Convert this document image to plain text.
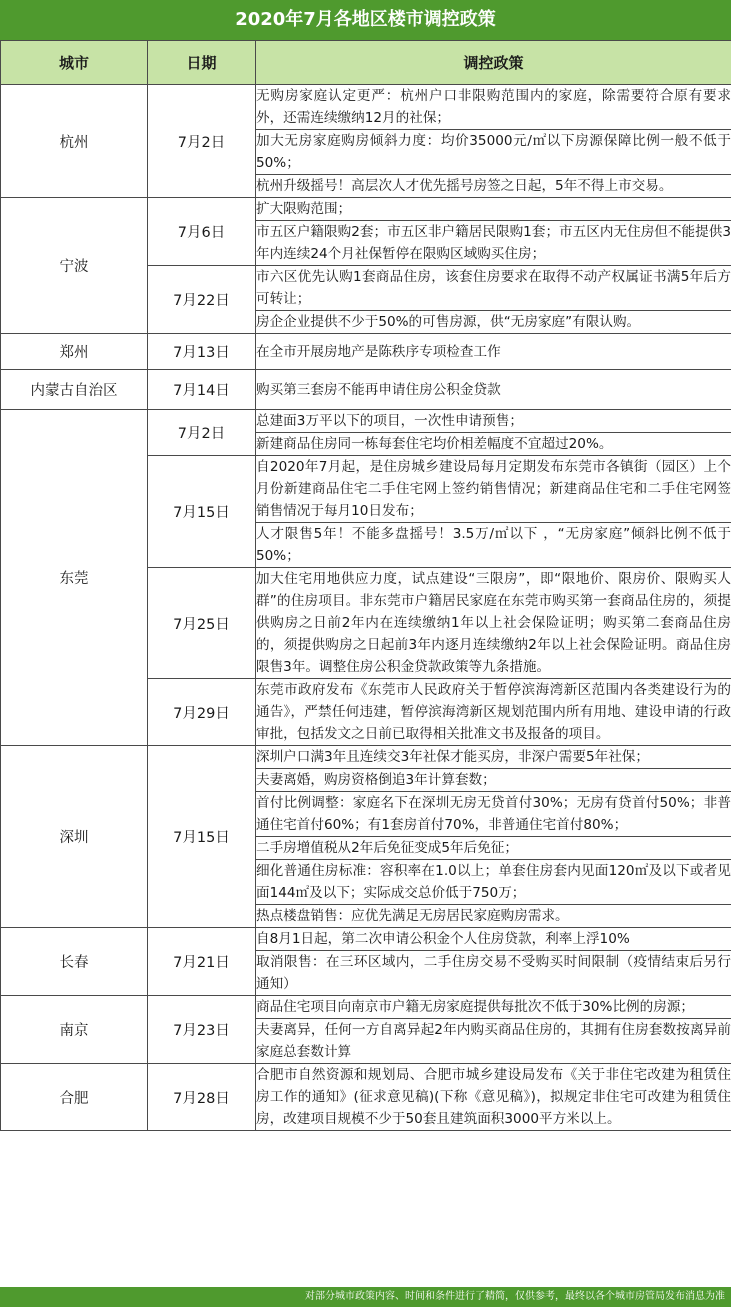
2020年7月各地区楼市调控政策
城市	日期	调控政策
杭州	7月2日	无购房家庭认定更严：杭州户口非限购范围内的家庭，除需要符合原有要求外，还需连续缴纳12月的社保；
		加大无房家庭购房倾斜力度：均价35000元/㎡以下房源保障比例一般不低于50%；
		杭州升级摇号！高层次人才优先摇号房签之日起，5年不得上市交易。
宁波	7月6日	扩大限购范围；
		市五区户籍限购2套；市五区非户籍居民限购1套；市五区内无住房但不能提供3年内连续24个月社保暂停在限购区域购买住房；
	7月22日	市六区优先认购1套商品住房，该套住房要求在取得不动产权属证书满5年后方可转让；
		房企企业提供不少于50%的可售房源，供“无房家庭”有限认购。
郑州	7月13日	在全市开展房地产是陈秩序专项检查工作
内蒙古自治区	7月14日	购买第三套房不能再申请住房公积金贷款
东莞	7月2日	总建面3万平以下的项目，一次性申请预售；
		新建商品住房同一栋每套住宅均价相差幅度不宜超过20%。
	7月15日	自2020年7月起，是住房城乡建设局每月定期发布东莞市各镇街（园区）上个月份新建商品住宅二手住宅网上签约销售情况；新建商品住宅和二手住宅网签销售情况于每月10日发布；
		人才限售5年！不能多盘摇号！3.5万/㎡以下 ，“无房家庭”倾斜比例不低于50%；
	7月25日	加大住宅用地供应力度，试点建设“三限房”，即“限地价、限房价、限购买人群”的住房项目。非东莞市户籍居民家庭在东莞市购买第一套商品住房的，须提供购房之日前2年内在连续缴纳1年以上社会保险证明；购买第二套商品住房的，须提供购房之日起前3年内逐月连续缴纳2年以上社会保险证明。商品住房限售3年。调整住房公积金贷款政策等九条措施。
	7月29日	东莞市政府发布《东莞市人民政府关于暂停滨海湾新区范围内各类建设行为的通告》，严禁任何违建，暂停滨海湾新区规划范围内所有用地、建设申请的行政审批，包括发文之日前已取得相关批准文书及报备的项目。
深圳	7月15日	深圳户口满3年且连续交3年社保才能买房，非深户需要5年社保；
		夫妻离婚，购房资格倒追3年计算套数；
		首付比例调整：家庭名下在深圳无房无贷首付30%；无房有贷首付50%；非普通住宅首付60%；有1套房首付70%，非普通住宅首付80%；
		二手房增值税从2年后免征变成5年后免征；
		细化普通住房标准：容积率在1.0以上；单套住房套内见面120㎡及以下或者见面144㎡及以下；实际成交总价低于750万；
		热点楼盘销售：应优先满足无房居民家庭购房需求。
长春	7月21日	自8月1日起，第二次申请公积金个人住房贷款，利率上浮10%
		取消限售：在三环区域内，二手住房交易不受购买时间限制（疫情结束后另行通知）
南京	7月23日	商品住宅项目向南京市户籍无房家庭提供每批次不低于30%比例的房源；
		夫妻离异，任何一方自离异起2年内购买商品住房的，其拥有住房套数按离异前家庭总套数计算
合肥	7月28日	合肥市自然资源和规划局、合肥市城乡建设局发布《关于非住宅改建为租赁住房工作的通知》(征求意见稿)(下称《意见稿》)，拟规定非住宅可改建为租赁住房，改建项目规模不少于50套且建筑面积3000平方米以上。
对部分城市政策内容、时间和条件进行了精简，仅供参考，最终以各个城市房管局发布消息为准
